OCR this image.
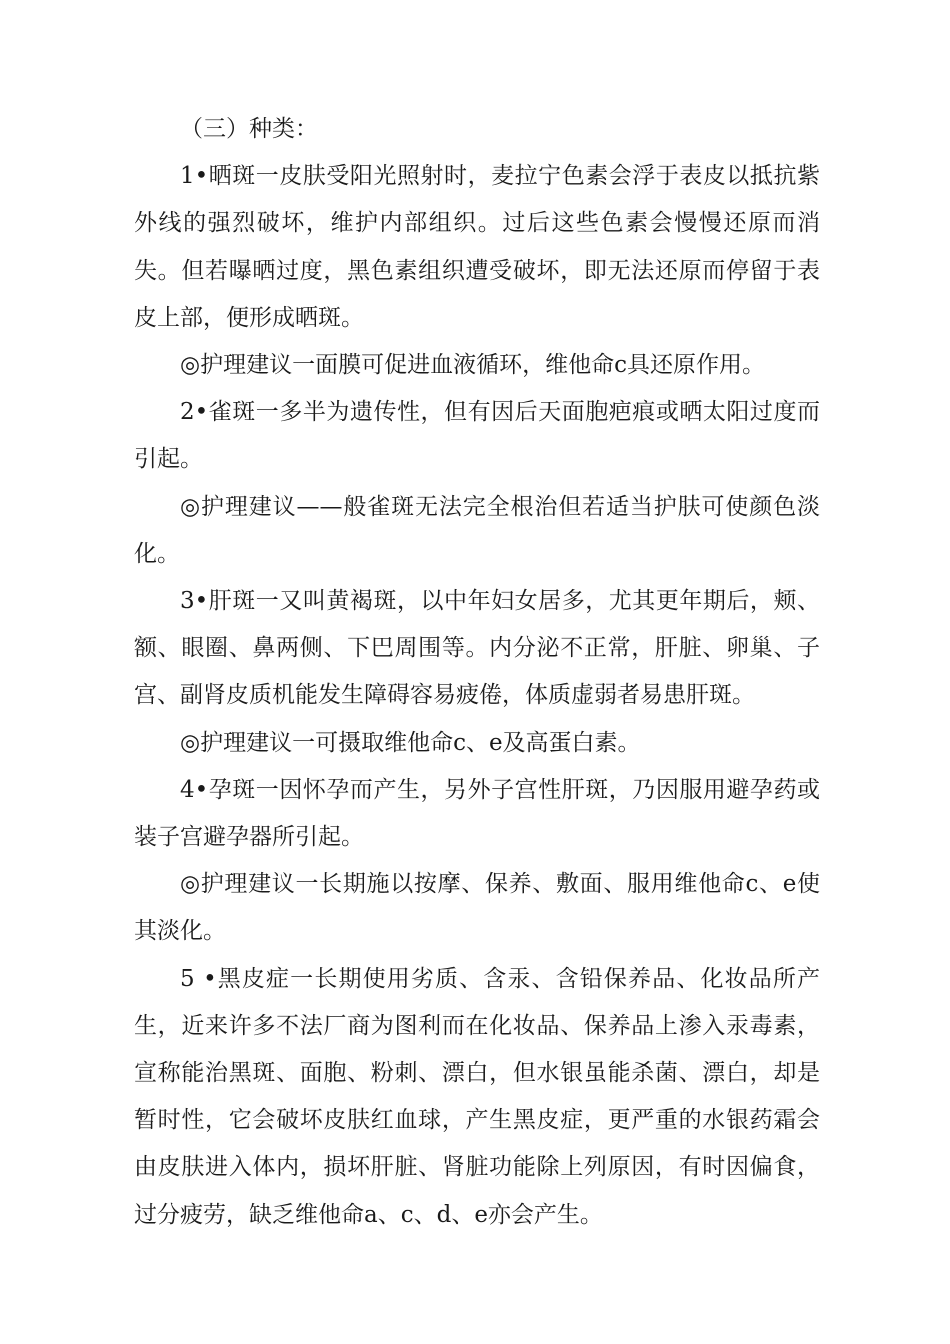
（三）种类：

1•晒斑一皮肤受阳光照射时，麦拉宁色素会浮于表皮以抵抗紫外线的强烈破坏，维护内部组织。过后这些色素会慢慢还原而消失。但若曝晒过度，黑色素组织遭受破坏，即无法还原而停留于表皮上部，便形成晒斑。

◎护理建议一面膜可促进血液循环，维他命c具还原作用。

2•雀斑一多半为遗传性，但有因后天面胞疤痕或晒太阳过度而引起。

◎护理建议——般雀斑无法完全根治但若适当护肤可使颜色淡化。

3•肝斑一又叫黄褐斑，以中年妇女居多，尤其更年期后，颊、额、眼圈、鼻两侧、下巴周围等。内分泌不正常，肝脏、卵巢、子宫、副肾皮质机能发生障碍容易疲倦，体质虚弱者易患肝斑。

◎护理建议一可摄取维他命c、e及高蛋白素。

4•孕斑一因怀孕而产生，另外子宫性肝斑，乃因服用避孕药或装子宫避孕器所引起。

◎护理建议一长期施以按摩、保养、敷面、服用维他命c、e使其淡化。

5 •黑皮症一长期使用劣质、含汞、含铅保养品、化妆品所产生，近来许多不法厂商为图利而在化妆品、保养品上渗入汞毒素，宣称能治黑斑、面胞、粉刺、漂白，但水银虽能杀菌、漂白，却是暂时性，它会破坏皮肤红血球，产生黑皮症，更严重的水银药霜会由皮肤进入体内，损坏肝脏、肾脏功能除上列原因，有时因偏食，过分疲劳，缺乏维他命a、c、d、e亦会产生。
